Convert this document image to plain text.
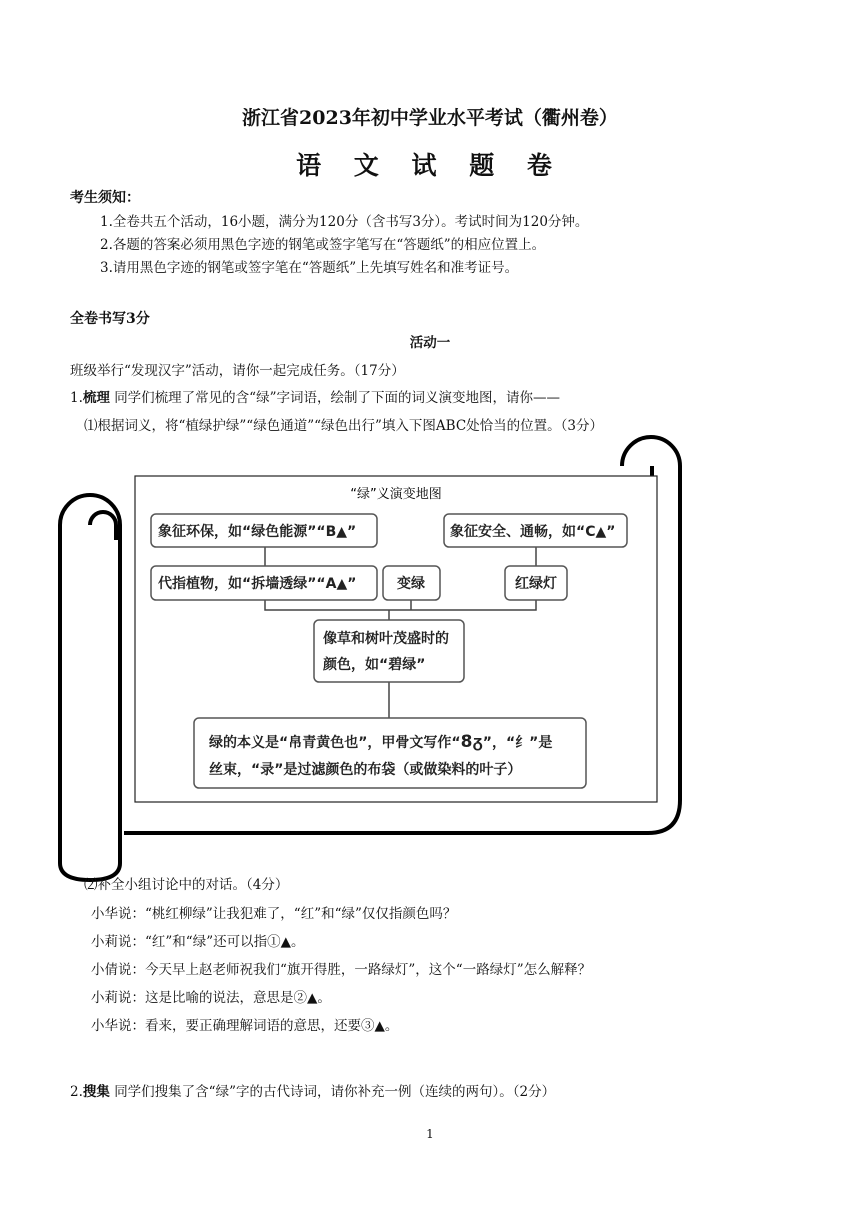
浙江省2023年初中学业水平考试（衢州卷）
语 文 试 题 卷
考生须知：
1.全卷共五个活动，16小题，满分为120分（含书写3分）。考试时间为120分钟。
2.各题的答案必须用黑色字迹的钢笔或签字笔写在“答题纸”的相应位置上。
3.请用黑色字迹的钢笔或签字笔在“答题纸”上先填写姓名和准考证号。
全卷书写3分
活动一
班级举行“发现汉字”活动，请你一起完成任务。（17分）
1.梳理 同学们梳理了常见的含“绿”字词语，绘制了下面的词义演变地图，请你——
⑴根据词义，将“植绿护绿”“绿色通道”“绿色出行”填入下图ABC处恰当的位置。（3分）
“绿”义演变地图
象征环保，如“绿色能源”“B▲”	象征安全、通畅，如“C▲”
代指植物，如“拆墙透绿”“A▲”	变绿	红绿灯
像草和树叶茂盛时的
颜色，如“碧绿”
绿的本义是“帛青黄色也”，甲骨文写作“8ᵹ”，“纟”是
丝束，“录”是过滤颜色的布袋（或做染料的叶子）
⑵补全小组讨论中的对话。（4分）
小华说：“桃红柳绿”让我犯难了，“红”和“绿”仅仅指颜色吗？
小莉说：“红”和“绿”还可以指①▲。
小倩说：今天早上赵老师祝我们“旗开得胜，一路绿灯”，这个“一路绿灯”怎么解释？
小莉说：这是比喻的说法，意思是②▲。
小华说：看来，要正确理解词语的意思，还要③▲。
2.搜集 同学们搜集了含“绿”字的古代诗词，请你补充一例（连续的两句）。（2分）
1
